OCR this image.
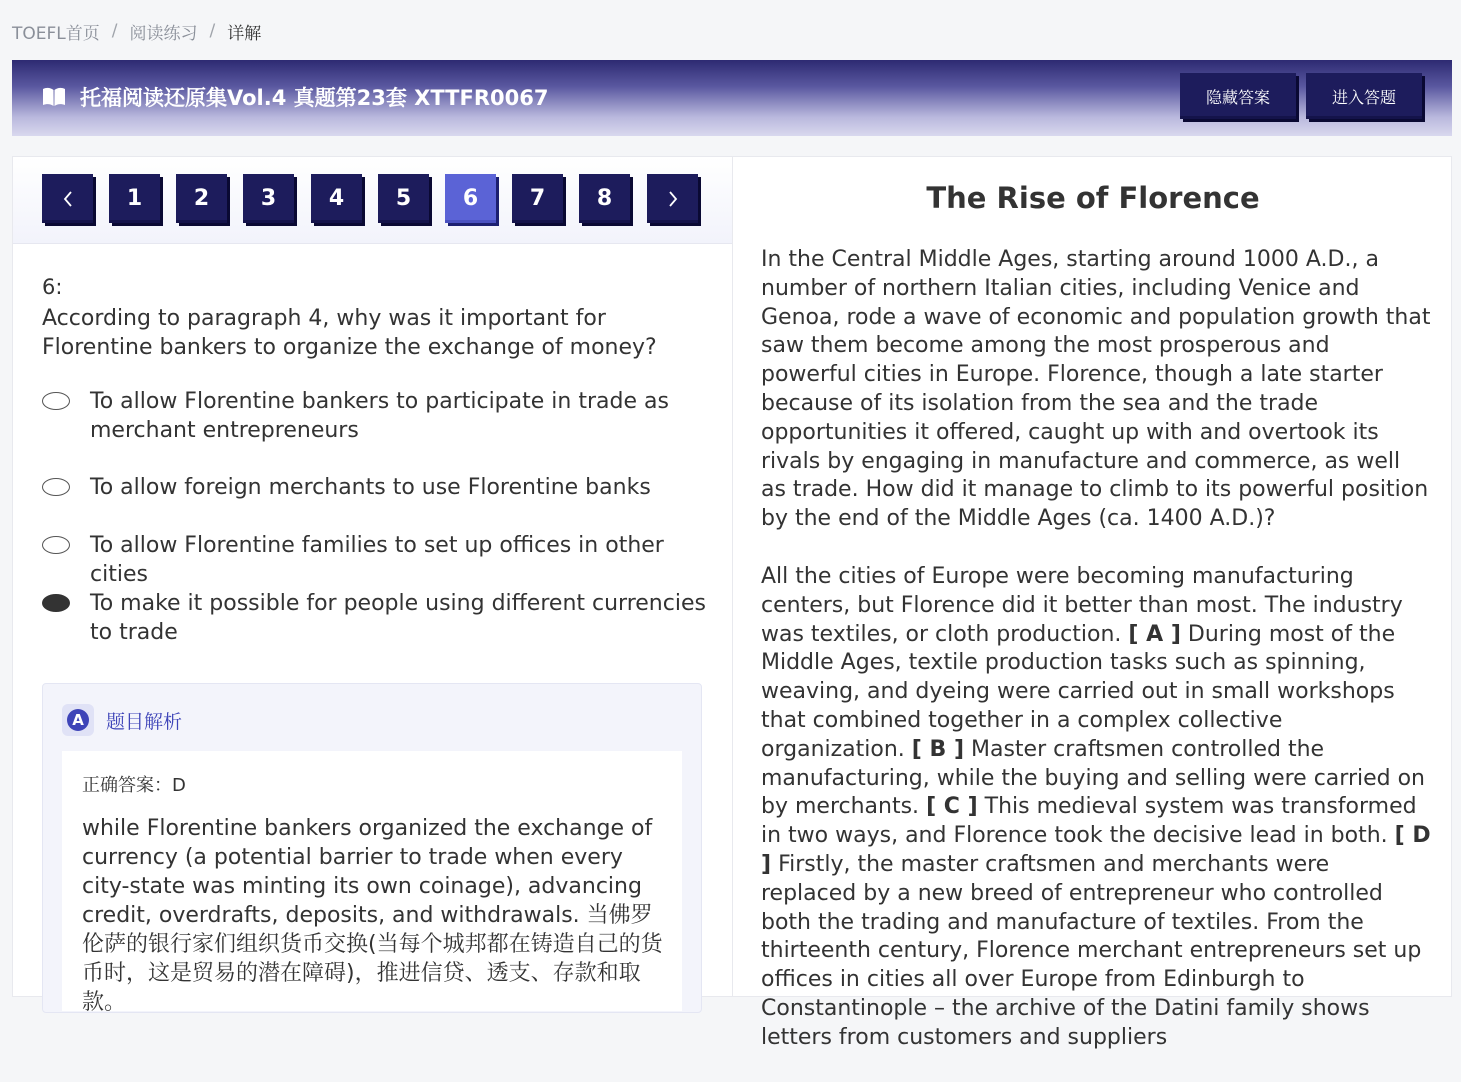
TOEFL首页 / 阅读练习 / 详解
托福阅读还原集Vol.4 真题第23套 XTTFR0067	隐藏答案	进入答题
1	2	3	4	5	6	7	8
6:
According to paragraph 4, why was it important for Florentine bankers to organize the exchange of money?
To allow Florentine bankers to participate in trade as merchant entrepreneurs
To allow foreign merchants to use Florentine banks
To allow Florentine families to set up offices in other cities
To make it possible for people using different currencies to trade
A 题目解析
正确答案：D
while Florentine bankers organized the exchange of currency (a potential barrier to trade when every city-state was minting its own coinage), advancing credit, overdrafts, deposits, and withdrawals. 当佛罗伦萨的银行家们组织货币交换(当每个城邦都在铸造自己的货币时，这是贸易的潜在障碍)，推进信贷、透支、存款和取款。
The Rise of Florence

In the Central Middle Ages, starting around 1000 A.D., a number of northern Italian cities, including Venice and Genoa, rode a wave of economic and population growth that saw them become among the most prosperous and powerful cities in Europe. Florence, though a late starter because of its isolation from the sea and the trade opportunities it offered, caught up with and overtook its rivals by engaging in manufacture and commerce, as well as trade. How did it manage to climb to its powerful position by the end of the Middle Ages (ca. 1400 A.D.)?

All the cities of Europe were becoming manufacturing centers, but Florence did it better than most. The industry was textiles, or cloth production. [ A ] During most of the Middle Ages, textile production tasks such as spinning, weaving, and dyeing were carried out in small workshops that combined together in a complex collective organization. [ B ] Master craftsmen controlled the manufacturing, while the buying and selling were carried on by merchants. [ C ] This medieval system was transformed in two ways, and Florence took the decisive lead in both. [ D ] Firstly, the master craftsmen and merchants were replaced by a new breed of entrepreneur who controlled both the trading and manufacture of textiles. From the thirteenth century, Florence merchant entrepreneurs set up offices in cities all over Europe from Edinburgh to Constantinople – the archive of the Datini family shows letters from customers and suppliers
